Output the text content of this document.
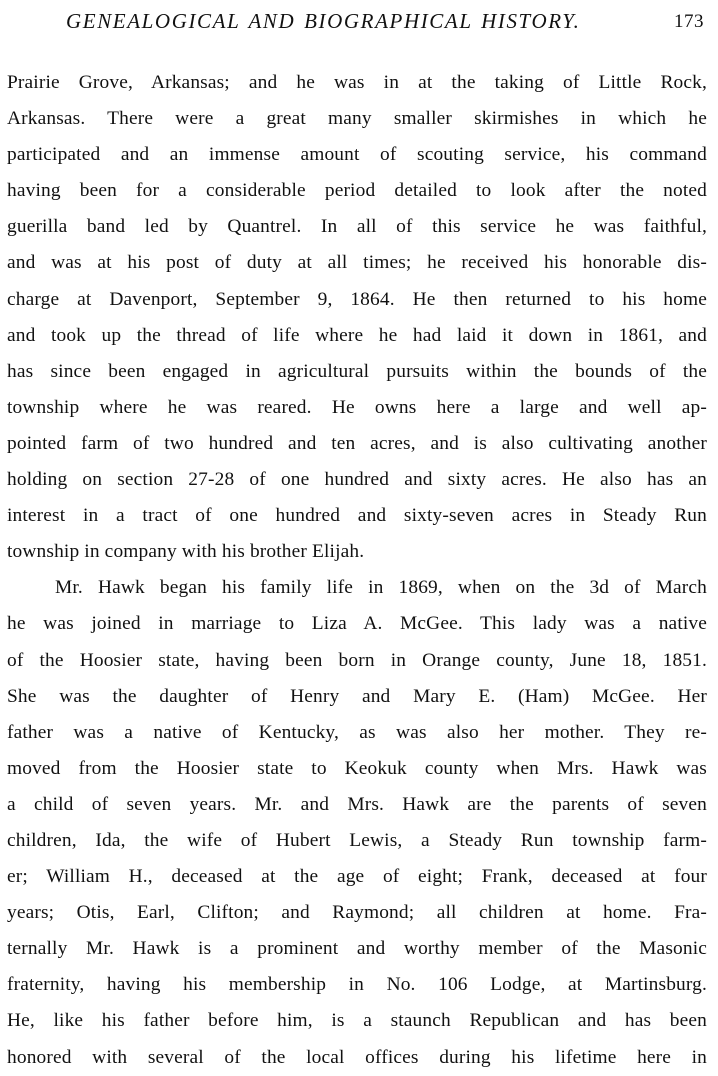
GENEALOGICAL AND BIOGRAPHICAL HISTORY.	173
Prairie Grove, Arkansas; and he was in at the taking of Little Rock,
Arkansas. There were a great many smaller skirmishes in which he
participated and an immense amount of scouting service, his command
having been for a considerable period detailed to look after the noted
guerilla band led by Quantrel. In all of this service he was faithful,
and was at his post of duty at all times; he received his honorable dis-
charge at Davenport, September 9, 1864. He then returned to his home
and took up the thread of life where he had laid it down in 1861, and
has since been engaged in agricultural pursuits within the bounds of the
township where he was reared. He owns here a large and well ap-
pointed farm of two hundred and ten acres, and is also cultivating another
holding on section 27-28 of one hundred and sixty acres. He also has an
interest in a tract of one hundred and sixty-seven acres in Steady Run
township in company with his brother Elijah.
Mr. Hawk began his family life in 1869, when on the 3d of March
he was joined in marriage to Liza A. McGee. This lady was a native
of the Hoosier state, having been born in Orange county, June 18, 1851.
She was the daughter of Henry and Mary E. (Ham) McGee. Her
father was a native of Kentucky, as was also her mother. They re-
moved from the Hoosier state to Keokuk county when Mrs. Hawk was
a child of seven years. Mr. and Mrs. Hawk are the parents of seven
children, Ida, the wife of Hubert Lewis, a Steady Run township farm-
er; William H., deceased at the age of eight; Frank, deceased at four
years; Otis, Earl, Clifton; and Raymond; all children at home. Fra-
ternally Mr. Hawk is a prominent and worthy member of the Masonic
fraternity, having his membership in No. 106 Lodge, at Martinsburg.
He, like his father before him, is a staunch Republican and has been
honored with several of the local offices during his lifetime here in
